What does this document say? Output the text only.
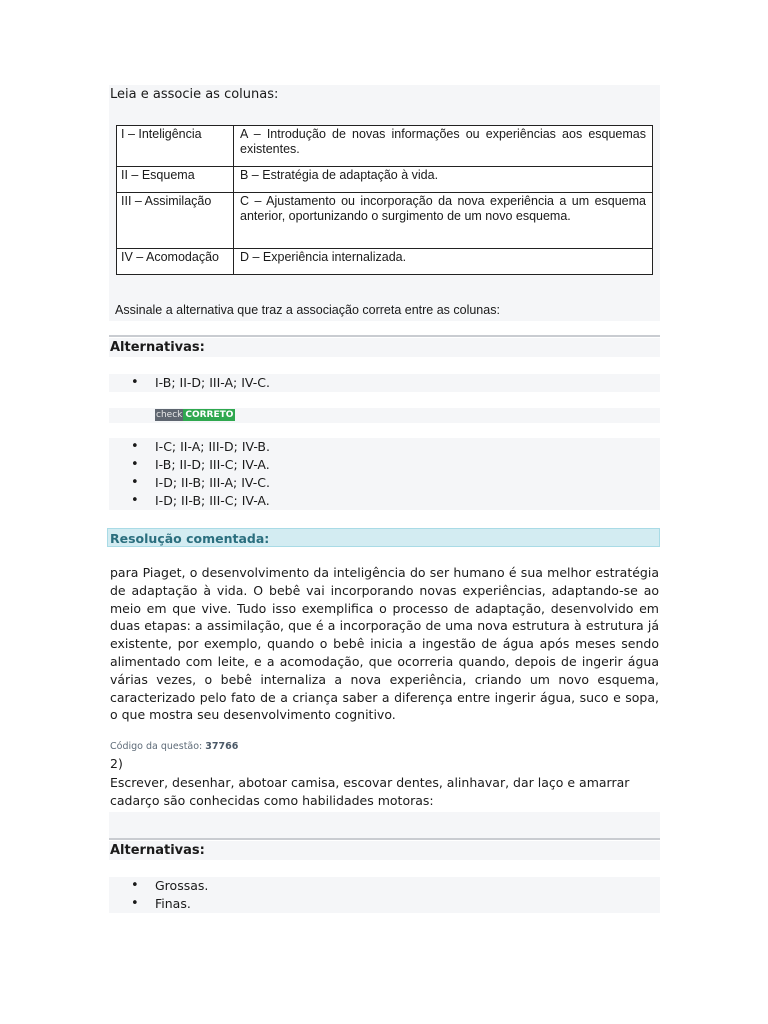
Leia e associe as colunas:
I – Inteligência	A – Introdução de novas informações ou experiências aos esquemas existentes.
II – Esquema	B – Estratégia de adaptação à vida.
III – Assimilação	C – Ajustamento ou incorporação da nova experiência a um esquema anterior, oportunizando o surgimento de um novo esquema.
IV – Acomodação	D – Experiência internalizada.
Assinale a alternativa que traz a associação correta entre as colunas:
Alternativas:
• I-B; II-D; III-A; IV-C.
check CORRETO
• I-C; II-A; III-D; IV-B.
• I-B; II-D; III-C; IV-A.
• I-D; II-B; III-A; IV-C.
• I-D; II-B; III-C; IV-A.
Resolução comentada:
para Piaget, o desenvolvimento da inteligência do ser humano é sua melhor estratégia de adaptação à vida. O bebê vai incorporando novas experiências, adaptando-se ao meio em que vive. Tudo isso exemplifica o processo de adaptação, desenvolvido em duas etapas: a assimilação, que é a incorporação de uma nova estrutura à estrutura já existente, por exemplo, quando o bebê inicia a ingestão de água após meses sendo alimentado com leite, e a acomodação, que ocorreria quando, depois de ingerir água várias vezes, o bebê internaliza a nova experiência, criando um novo esquema, caracterizado pelo fato de a criança saber a diferença entre ingerir água, suco e sopa, o que mostra seu desenvolvimento cognitivo.
Código da questão: 37766
2)
Escrever, desenhar, abotoar camisa, escovar dentes, alinhavar, dar laço e amarrar cadarço são conhecidas como habilidades motoras:
Alternativas:
• Grossas.
• Finas.
